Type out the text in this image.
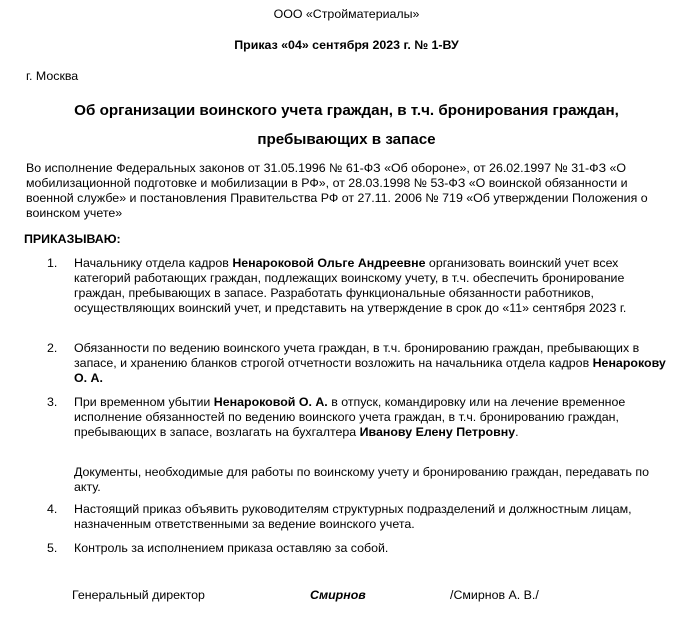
ООО «Стройматериалы»
Приказ «04» сентября 2023 г. № 1-ВУ
г. Москва
Об организации воинского учета граждан, в т.ч. бронирования граждан,
пребывающих в запасе
Во исполнение Федеральных законов от 31.05.1996 № 61-ФЗ «Об обороне», от 26.02.1997 № 31-ФЗ «О мобилизационной подготовке и мобилизации в РФ», от 28.03.1998 № 53-ФЗ «О воинской обязанности и военной службе» и постановления Правительства РФ от 27.11. 2006 № 719 «Об утверждении Положения о воинском учете»
ПРИКАЗЫВАЮ:
1.	Начальнику отдела кадров Ненароковой Ольге Андреевне организовать воинский учет всех категорий работающих граждан, подлежащих воинскому учету, в т.ч. обеспечить бронирование граждан, пребывающих в запасе. Разработать функциональные обязанности работников, осуществляющих воинский учет, и представить на утверждение в срок до «11» сентября 2023 г.
2.	Обязанности по ведению воинского учета граждан, в т.ч. бронированию граждан, пребывающих в запасе, и хранению бланков строгой отчетности возложить на начальника отдела кадров Ненарокову О. А.
3.	При временном убытии Ненароковой О. А. в отпуск, командировку или на лечение временное исполнение обязанностей по ведению воинского учета граждан, в т.ч. бронированию граждан, пребывающих в запасе, возлагать на бухгалтера Иванову Елену Петровну.
Документы, необходимые для работы по воинскому учету и бронированию граждан, передавать по акту.
4.	Настоящий приказ объявить руководителям структурных подразделений и должностным лицам, назначенным ответственными за ведение воинского учета.
5.	Контроль за исполнением приказа оставляю за собой.
Генеральный директор	Смирнов	/Смирнов А. В./
